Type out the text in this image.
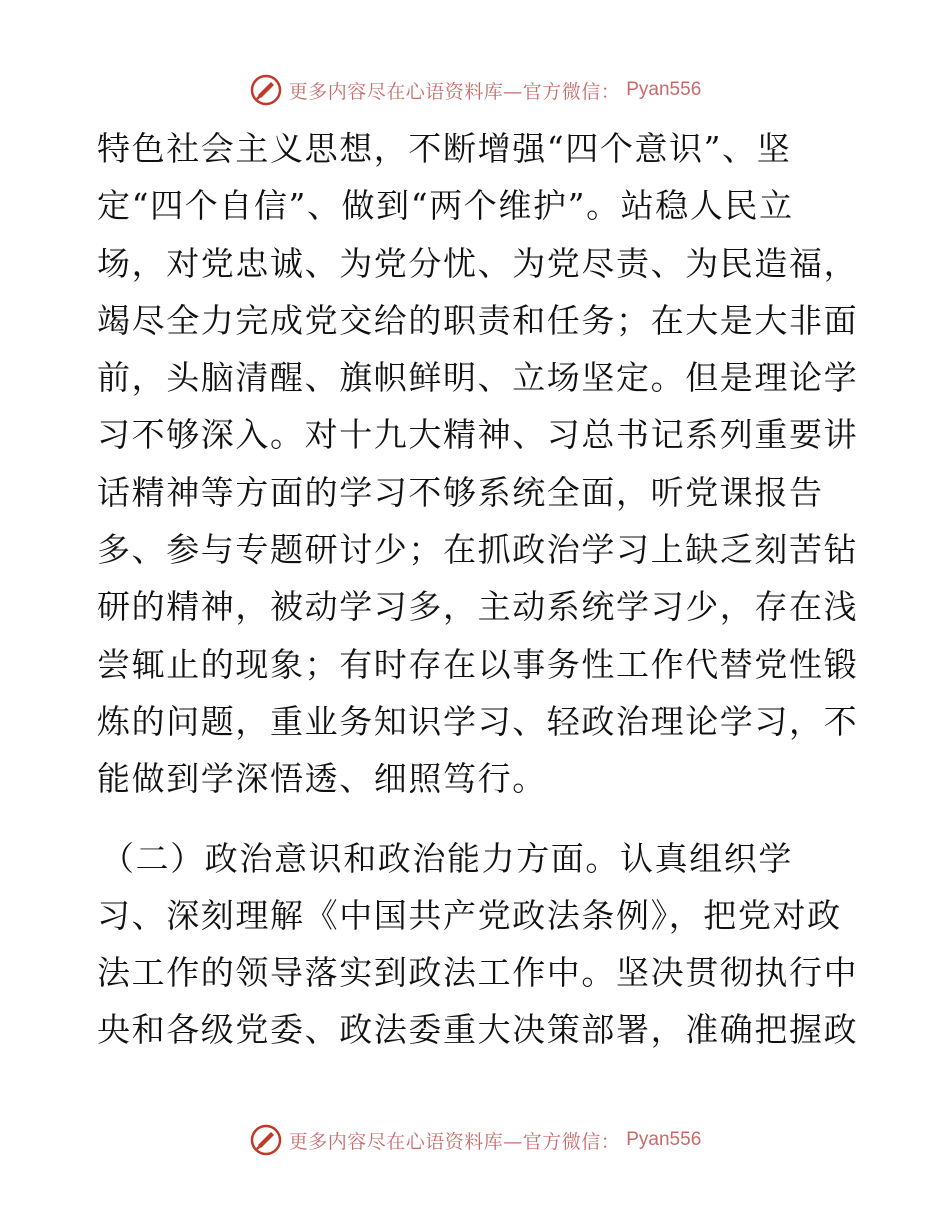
更多内容尽在心语资料库—官方微信： Pyan556
特色社会主义思想，不断增强“四个意识”、坚
定“四个自信”、做到“两个维护”。站稳人民立
场，对党忠诚、为党分忧、为党尽责、为民造福，
竭尽全力完成党交给的职责和任务；在大是大非面
前，头脑清醒、旗帜鲜明、立场坚定。但是理论学
习不够深入。对十九大精神、习总书记系列重要讲
话精神等方面的学习不够系统全面，听党课报告
多、参与专题研讨少；在抓政治学习上缺乏刻苦钻
研的精神，被动学习多，主动系统学习少，存在浅
尝辄止的现象；有时存在以事务性工作代替党性锻
炼的问题，重业务知识学习、轻政治理论学习，不
能做到学深悟透、细照笃行。
（二）政治意识和政治能力方面。认真组织学
习、深刻理解《中国共产党政法条例》，把党对政
法工作的领导落实到政法工作中。坚决贯彻执行中
央和各级党委、政法委重大决策部署，准确把握政
更多内容尽在心语资料库—官方微信： Pyan556
